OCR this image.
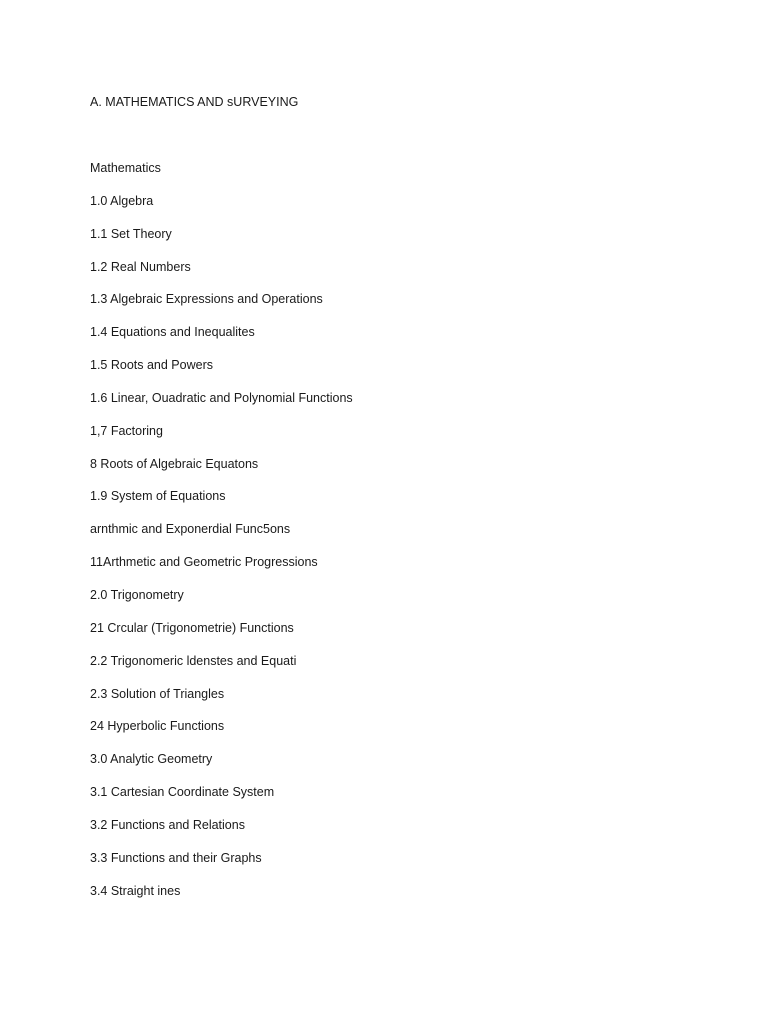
A. MATHEMATICS AND sURVEYING
Mathematics
1.0 Algebra
1.1 Set Theory
1.2 Real Numbers
1.3 Algebraic Expressions and Operations
1.4 Equations and Inequalites
1.5 Roots and Powers
1.6 Linear, Ouadratic and Polynomial Functions
1,7 Factoring
8 Roots of Algebraic Equatons
1.9 System of Equations
arnthmic and Exponerdial Func5ons
11Arthmetic and Geometric Progressions
2.0 Trigonometry
21 Crcular (Trigonometrie) Functions
2.2 Trigonomeric ldenstes and Equati
2.3 Solution of Triangles
24 Hyperbolic Functions
3.0 Analytic Geometry
3.1 Cartesian Coordinate System
3.2 Functions and Relations
3.3 Functions and their Graphs
3.4 Straight ines
